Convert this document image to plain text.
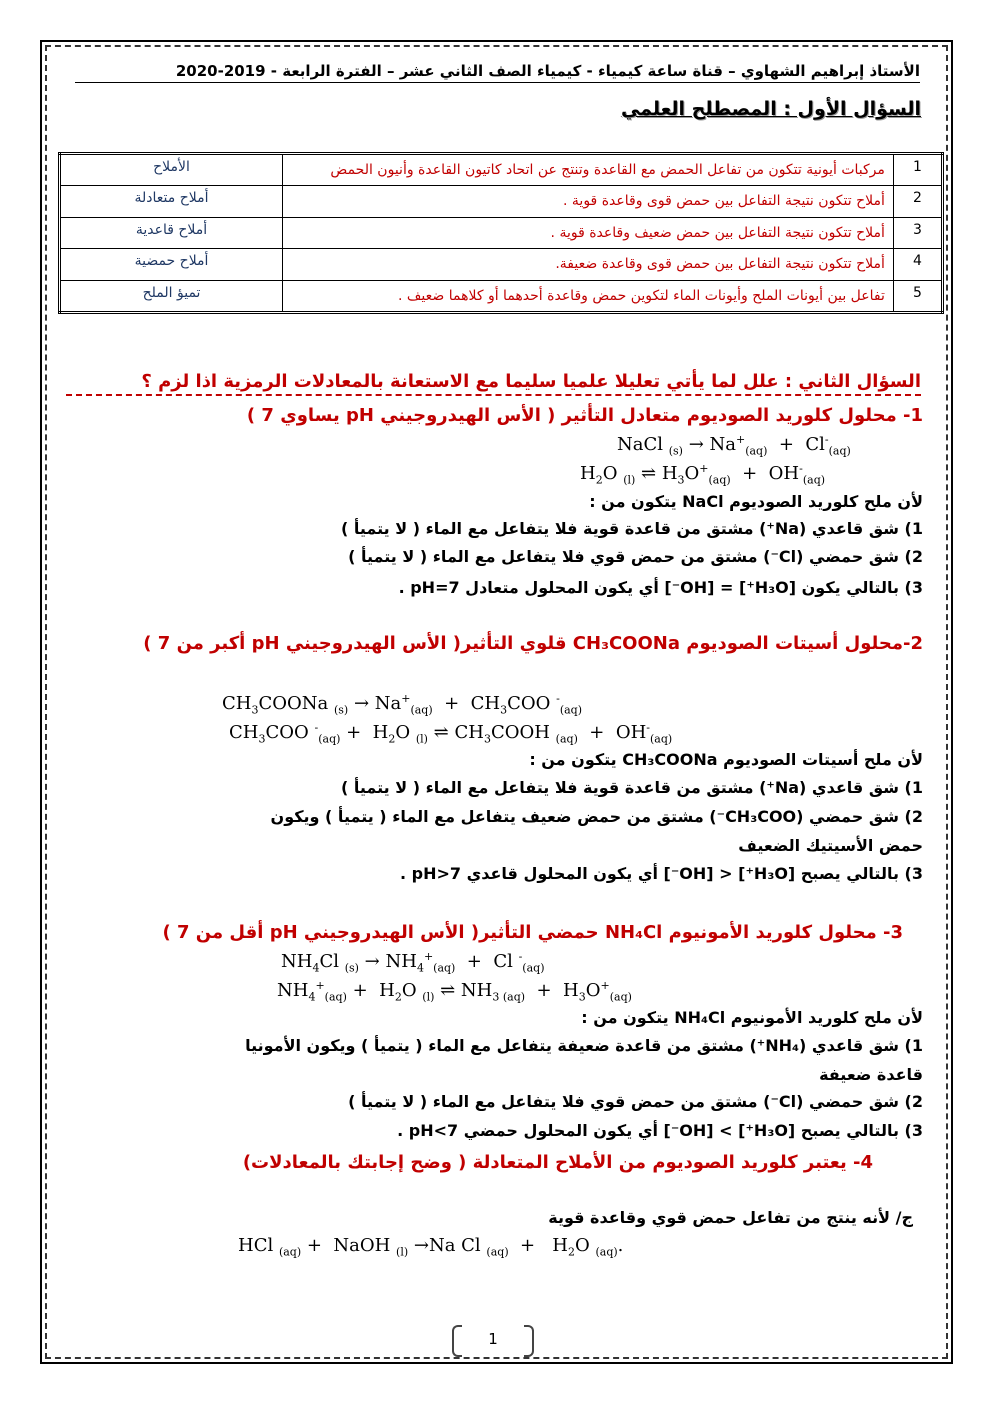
الأستاذ إبراهيم الشهاوي – قناة ساعة كيمياء - كيمياء الصف الثاني عشر – الفترة الرابعة - 2019-2020
السؤال الأول : المصطلح العلمي
1	مركبات أيونية تتكون من تفاعل الحمض مع القاعدة وتنتج عن اتحاد كاتيون القاعدة وأنيون الحمض	الأملاح
2	أملاح تتكون نتيجة التفاعل بين حمض قوى وقاعدة قوية .	أملاح متعادلة
3	أملاح تتكون نتيجة التفاعل بين حمض ضعيف وقاعدة قوية .	أملاح قاعدية
4	أملاح تتكون نتيجة التفاعل بين حمض قوى وقاعدة ضعيفة.	أملاح حمضية
5	تفاعل بين أيونات الملح وأيونات الماء لتكوين حمض وقاعدة أحدهما أو كلاهما ضعيف .	تميؤ الملح
السؤال الثاني : علل لما يأتي تعليلا علميا سليما مع الاستعانة بالمعادلات الرمزية اذا لزم ؟
1- محلول كلوريد الصوديوم متعادل التأثير ( الأس الهيدروجيني pH يساوي 7 )
NaCl $_{(s)} \to Na^+_{(aq)} + Cl^-_{(aq)}$
$H_2O$ $_{(l)}$ ⇌ $H_3O^+_{(aq)} + OH^-_{(aq)}$
لأن ملح كلوريد الصوديوم NaCl يتكون من :
1) شق قاعدي (Na⁺) مشتق من قاعدة قوية فلا يتفاعل مع الماء ( لا يتميأ )
2) شق حمضي (Cl⁻) مشتق من حمض قوي فلا يتفاعل مع الماء ( لا يتميأ )
3) بالتالي يكون [H₃O⁺] = [OH⁻] أي يكون المحلول متعادل pH=7 .
2-محلول أسيتات الصوديوم CH₃COONa قلوي التأثير( الأس الهيدروجيني pH أكبر من 7 )
$CH_3COONa$ $_{(s)} \to Na^+_{(aq)} + CH_3COO$ -$_{(aq)}$
$CH_3COO$ $^-_{(aq)} + H_2O$ $_{(l)}$ ⇌ $CH_3COOH$ $_{(aq)} + OH^-_{(aq)}$
لأن ملح أسيتات الصوديوم CH₃COONa يتكون من :
1) شق قاعدي (Na⁺) مشتق من قاعدة قوية فلا يتفاعل مع الماء ( لا يتميأ )
2) شق حمضي (CH₃COO⁻) مشتق من حمض ضعيف يتفاعل مع الماء ( يتميأ ) ويكون
حمض الأسيتيك الضعيف
3) بالتالي يصبح [H₃O⁺] < [OH⁻] أي يكون المحلول قاعدي pH>7 .
3- محلول كلوريد الأمونيوم NH₄Cl حمضي التأثير( الأس الهيدروجيني pH أقل من 7 )
$NH_4Cl$ $_{(s)} \to NH_4^+_{(aq)} + Cl$ -$_{(aq)}$
$NH_4^+_{(aq)} + H_2O$ $_{(l)}$ ⇌ $NH_{3 (aq)} + H_3O^+_{(aq)}$
لأن ملح كلوريد الأمونيوم NH₄Cl يتكون من :
1) شق قاعدي (NH₄⁺) مشتق من قاعدة ضعيفة يتفاعل مع الماء ( يتميأ ) ويكون الأمونيا
قاعدة ضعيفة
2) شق حمضي (Cl⁻) مشتق من حمض قوي فلا يتفاعل مع الماء ( لا يتميأ )
3) بالتالي يصبح [H₃O⁺] > [OH⁻] أي يكون المحلول حمضي pH<7 .
4- يعتبر كلوريد الصوديوم من الأملاح المتعادلة ( وضح إجابتك بالمعادلات)
ج/ لأنه ينتج من تفاعل حمض قوي وقاعدة قوية
HCl $_{(aq)}$ +  NaOH $_{(l)}$ →Na Cl $_{(aq)} + H_2O$ $_{(aq)}$.
1
